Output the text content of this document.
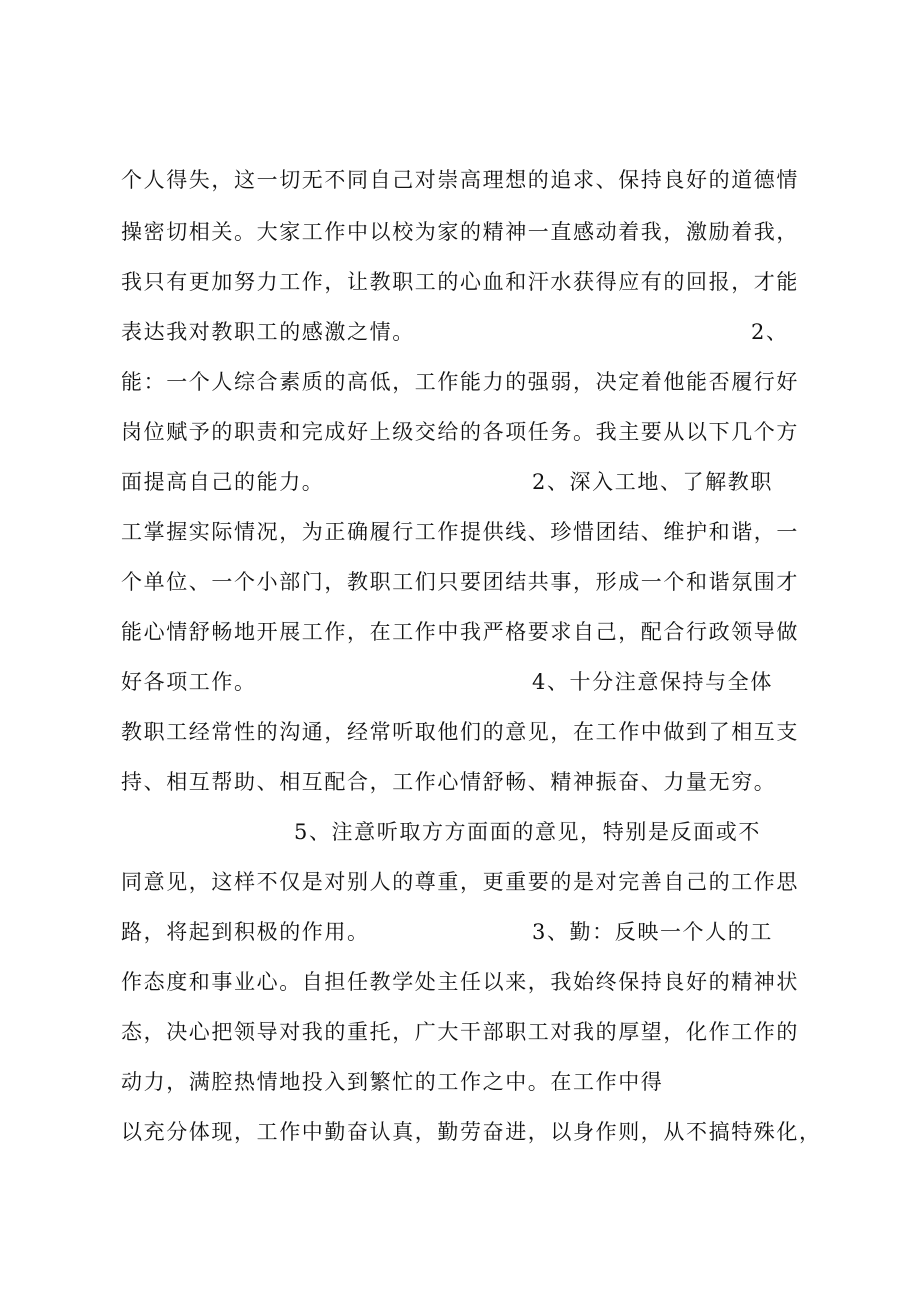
个人得失，这一切无不同自己对崇高理想的追求、保持良好的道德情
操密切相关。大家工作中以校为家的精神一直感动着我，激励着我，
我只有更加努力工作，让教职工的心血和汗水获得应有的回报，才能
表达我对教职工的感激之情。	2、
能：一个人综合素质的高低，工作能力的强弱，决定着他能否履行好
岗位赋予的职责和完成好上级交给的各项任务。我主要从以下几个方
面提高自己的能力。	2、深入工地、了解教职
工掌握实际情况，为正确履行工作提供线、珍惜团结、维护和谐，一
个单位、一个小部门，教职工们只要团结共事，形成一个和谐氛围才
能心情舒畅地开展工作，在工作中我严格要求自己，配合行政领导做
好各项工作。	4、十分注意保持与全体
教职工经常性的沟通，经常听取他们的意见，在工作中做到了相互支
持、相互帮助、相互配合，工作心情舒畅、精神振奋、力量无穷。
5、注意听取方方面面的意见，特别是反面或不
同意见，这样不仅是对别人的尊重，更重要的是对完善自己的工作思
路，将起到积极的作用。	3、勤：反映一个人的工
作态度和事业心。自担任教学处主任以来，我始终保持良好的精神状
态，决心把领导对我的重托，广大干部职工对我的厚望，化作工作的
动力，满腔热情地投入到繁忙的工作之中。在工作中得
以充分体现，工作中勤奋认真，勤劳奋进，以身作则，从不搞特殊化，
